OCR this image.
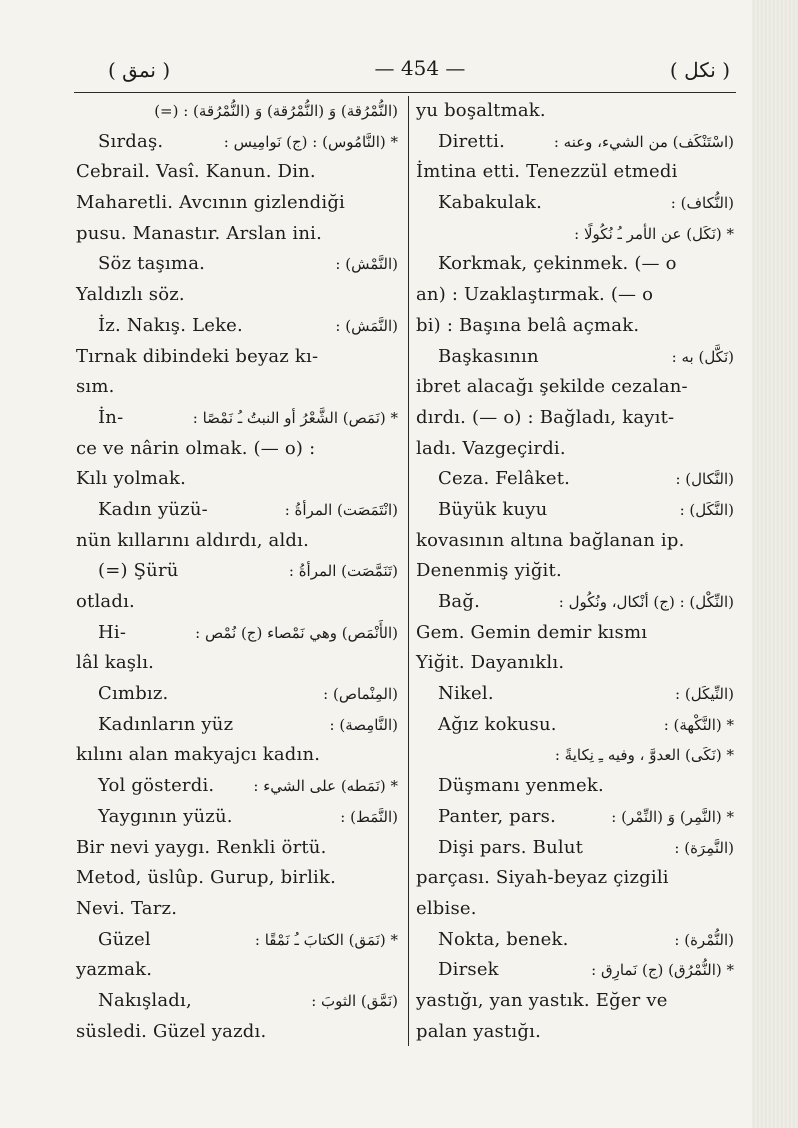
( نمق )	— 454 —	( نكل )
(النُّمْرُقة) وَ (النُّمْرُقة) وَ (النُّمْرُقة) : (=)
Sırdaş.	* (النَّامُوس) : (ج) نَوامِيس :
Cebrail. Vasî. Kanun. Din.
Maharetli. Avcının gizlendiği
pusu. Manastır. Arslan ini.
Söz taşıma.	(النَّمْش) :
Yaldızlı söz.
İz. Nakış. Leke.	(النَّمَش) :
Tırnak dibindeki beyaz kı-
sım.
İn-	* (نَمَص) الشَّعْرُ أو النبتُ ـُ نَمْصًا :
ce ve nârin olmak. (— o) :
Kılı yolmak.
Kadın yüzü-	(انْتَمَصَت) المرأةُ :
nün kıllarını aldırdı, aldı.
(=) Şürü	(تَنَمَّصَت) المرأةُ :
otladı.
Hi-	(الأَنْمَص) وهي نَمْصاء (ج) نُمْص :
lâl kaşlı.
Cımbız.	(المِنْماص) :
Kadınların yüz	(النَّامِصة) :
kılını alan makyajcı kadın.
Yol gösterdi.	* (نَمَطه) على الشيء :
Yaygının yüzü.	(النَّمَط) :
Bir nevi yaygı. Renkli örtü.
Metod, üslûp. Gurup, birlik.
Nevi. Tarz.
Güzel	* (نَمَق) الكتابَ ـُ نَمْقًا :
yazmak.
Nakışladı,	(نَمَّق) الثوبَ :
süsledi. Güzel yazdı.
yu boşaltmak.
Diretti.	(اسْتَنْكَف) من الشيء، وعنه :
İmtina etti. Tenezzül etmedi
Kabakulak.	(النُّكاف) :
* (نَكَل) عن الأمر ـُ نُكُولًا :
Korkmak, çekinmek. (— o
an) : Uzaklaştırmak. (— o
bi) : Başına belâ açmak.
Başkasının	(نَكَّل) به :
ibret alacağı şekilde cezalan-
dırdı. (— o) : Bağladı, kayıt-
ladı. Vazgeçirdi.
Ceza. Felâket.	(النَّكال) :
Büyük kuyu	(النَّكَل) :
kovasının altına bağlanan ip.
Denenmiş yiğit.
Bağ.	(النِّكْل) : (ج) أنْكال، ونُكُول :
Gem. Gemin demir kısmı
Yiğit. Dayanıklı.
Nikel.	(النِّيكَل) :
Ağız kokusu.	* (النَّكْهة) :
* (نَكَى) العدوَّ ، وفيه ـِ نِكايةً :
Düşmanı yenmek.
Panter, pars.	* (النَّمِر) وَ (النِّمْر) :
Dişi pars. Bulut	(النَّمِرَة) :
parçası. Siyah-beyaz çizgili
elbise.
Nokta, benek.	(النُّمْرة) :
Dirsek	* (النُّمْرُق) (ج) نَمارِق :
yastığı, yan yastık. Eğer ve
palan yastığı.
